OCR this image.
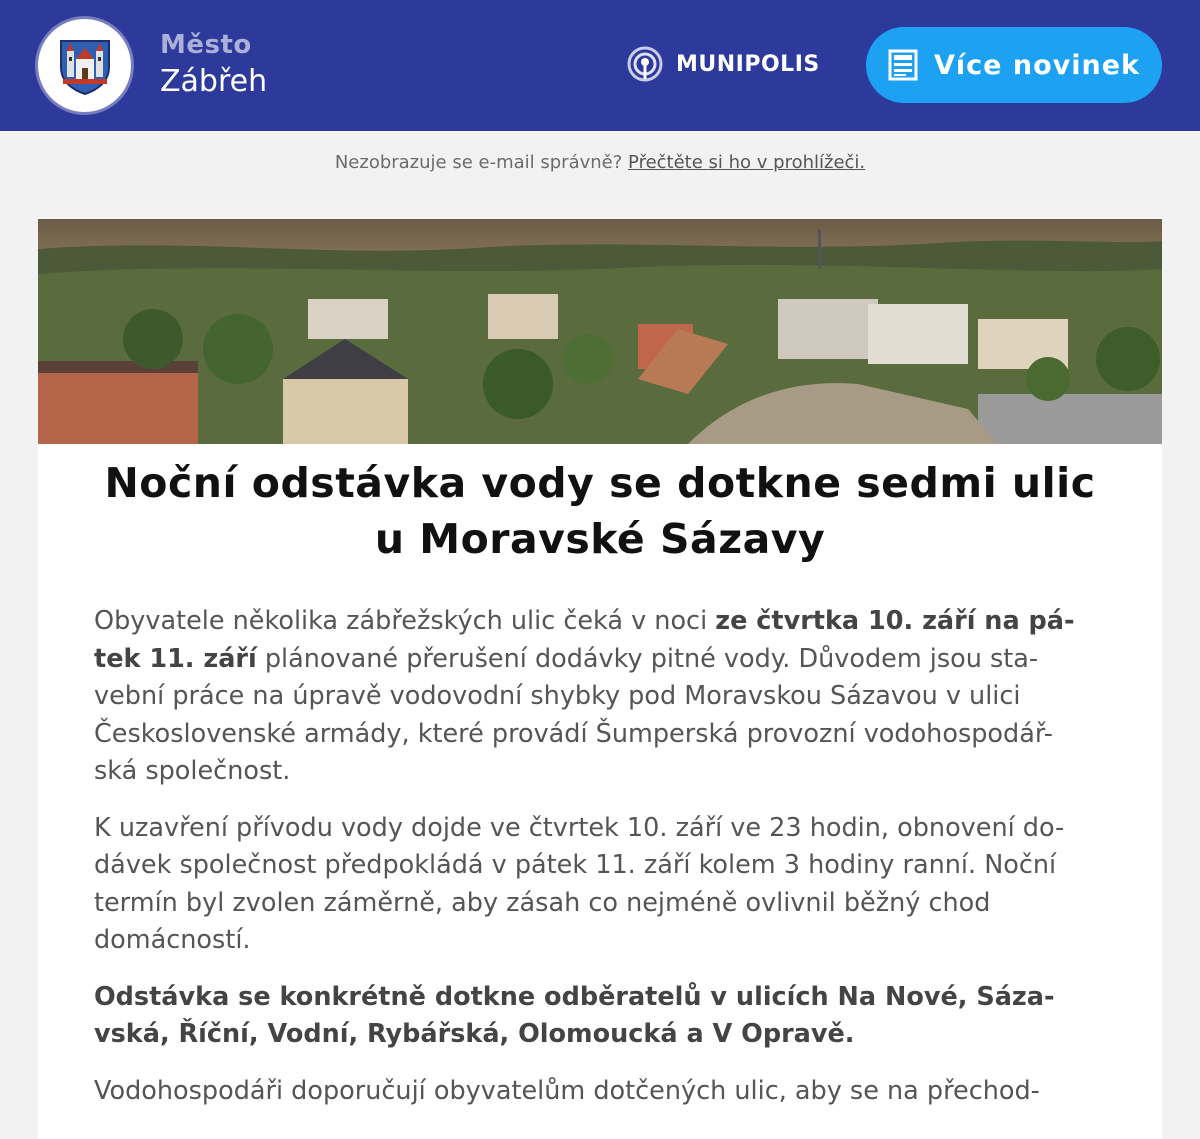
Město
Zábřeh	MUNIPOLIS	Více novinek
Nezobrazuje se e-mail správně? Přečtěte si ho v prohlížeči.
Noční odstávka vody se dotkne sedmi ulic
u Moravské Sázavy

Obyvatele několika zábřežských ulic čeká v noci ze čtvrtka 10. září na pá-
tek 11. září plánované přerušení dodávky pitné vody. Důvodem jsou sta-
vební práce na úpravě vodovodní shybky pod Moravskou Sázavou v ulici
Československé armády, které provádí Šumperská provozní vodohospodář-
ská společnost.

K uzavření přívodu vody dojde ve čtvrtek 10. září ve 23 hodin, obnovení do-
dávek společnost předpokládá v pátek 11. září kolem 3 hodiny ranní. Noční
termín byl zvolen záměrně, aby zásah co nejméně ovlivnil běžný chod
domácností.

Odstávka se konkrétně dotkne odběratelů v ulicích Na Nové, Sáza-
vská, Říční, Vodní, Rybářská, Olomoucká a V Opravě.

Vodohospodáři doporučují obyvatelům dotčených ulic, aby se na přechod-
